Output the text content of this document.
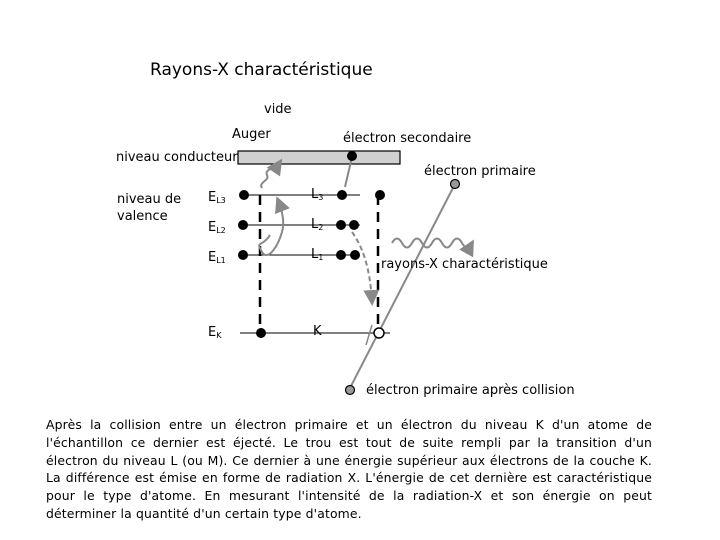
Rayons-X charactéristique
vide
Auger	électron secondaire
niveau conducteur
électron primaire
niveau de valence
$E_{L3}$
$E_{L2}$
$E_{L1}$
$E_K$
$L_3$
$L_2$
$L_1$
K
rayons-X charactéristique
électron primaire après collision
Après la collision entre un électron primaire et un électron du niveau K d'un atome de l'échantillon ce dernier est éjecté. Le trou est tout de suite rempli par la transition d'un électron du niveau L (ou M). Ce dernier à une énergie supérieur aux électrons de la couche K. La différence est émise en forme de radiation X. L'énergie de cet dernière est caractéristique pour le type d'atome. En mesurant l'intensité de la radiation-X et son énergie on peut déterminer la quantité d'un certain type d'atome.
